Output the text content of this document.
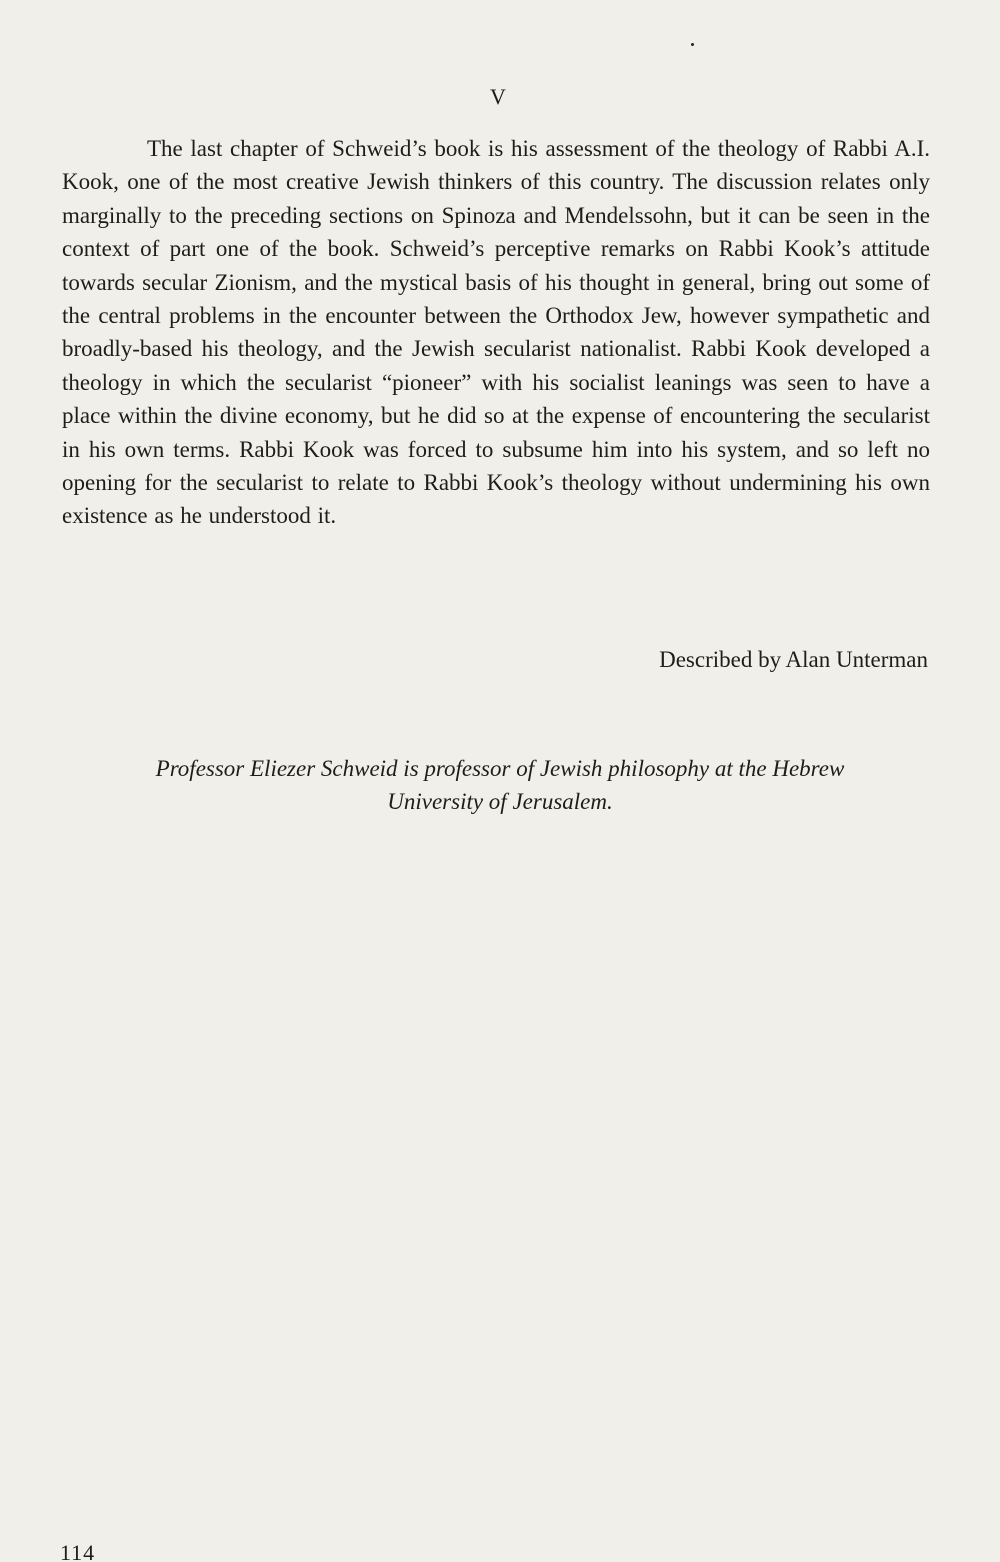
V

The last chapter of Schweid’s book is his assessment of the theology of Rabbi A.I. Kook, one of the most creative Jewish thinkers of this country. The discussion relates only marginally to the preceding sections on Spinoza and Mendelssohn, but it can be seen in the context of part one of the book. Schweid’s perceptive remarks on Rabbi Kook’s attitude towards secular Zionism, and the mystical basis of his thought in general, bring out some of the central problems in the encounter between the Orthodox Jew, however sympathetic and broadly-based his theology, and the Jewish secularist nationalist. Rabbi Kook developed a theology in which the secularist “pioneer” with his socialist leanings was seen to have a place within the divine economy, but he did so at the expense of encountering the secularist in his own terms. Rabbi Kook was forced to subsume him into his system, and so left no opening for the secularist to relate to Rabbi Kook’s theology without undermining his own existence as he understood it.

Described by Alan Unterman

Professor Eliezer Schweid is professor of Jewish philosophy at the Hebrew University of Jerusalem.

114
